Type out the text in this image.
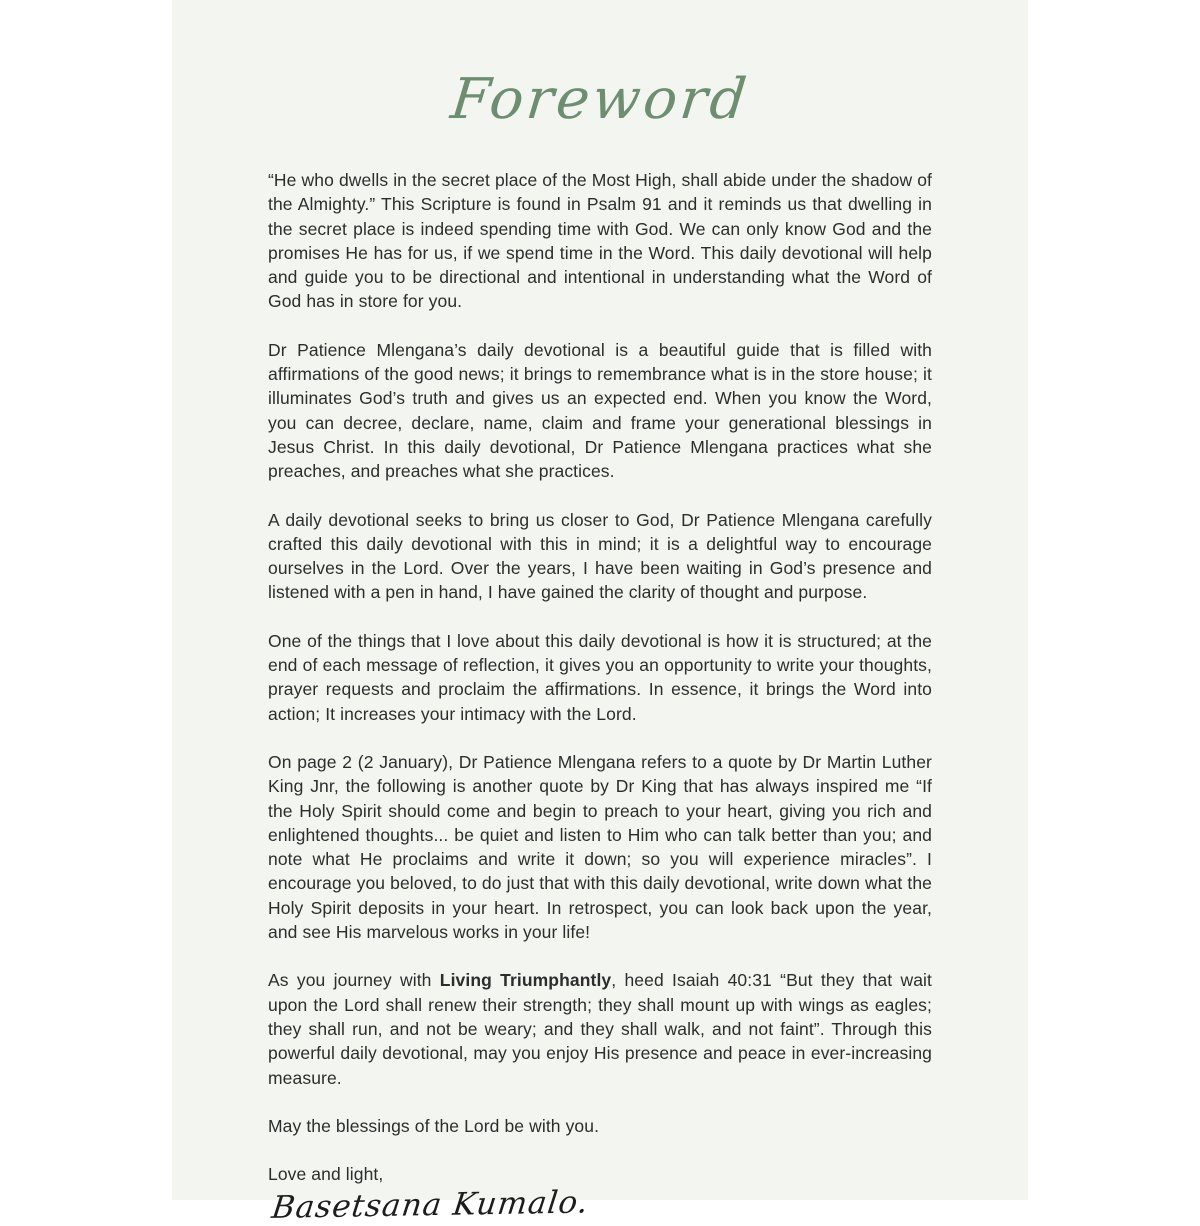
Foreword

“He who dwells in the secret place of the Most High, shall abide under the shadow of the Almighty.” This Scripture is found in Psalm 91 and it reminds us that dwelling in the secret place is indeed spending time with God. We can only know God and the promises He has for us, if we spend time in the Word. This daily devotional will help and guide you to be directional and intentional in understanding what the Word of God has in store for you.

Dr Patience Mlengana’s daily devotional is a beautiful guide that is filled with affirmations of the good news; it brings to remembrance what is in the store house; it illuminates God’s truth and gives us an expected end. When you know the Word, you can decree, declare, name, claim and frame your generational blessings in Jesus Christ. In this daily devotional, Dr Patience Mlengana practices what she preaches, and preaches what she practices.

A daily devotional seeks to bring us closer to God, Dr Patience Mlengana carefully crafted this daily devotional with this in mind; it is a delightful way to encourage ourselves in the Lord. Over the years, I have been waiting in God’s presence and listened with a pen in hand, I have gained the clarity of thought and purpose.

One of the things that I love about this daily devotional is how it is structured; at the end of each message of reflection, it gives you an opportunity to write your thoughts, prayer requests and proclaim the affirmations. In essence, it brings the Word into action; It increases your intimacy with the Lord.

On page 2 (2 January), Dr Patience Mlengana refers to a quote by Dr Martin Luther King Jnr, the following is another quote by Dr King that has always inspired me “If the Holy Spirit should come and begin to preach to your heart, giving you rich and enlightened thoughts... be quiet and listen to Him who can talk better than you; and note what He proclaims and write it down; so you will experience miracles”. I encourage you beloved, to do just that with this daily devotional, write down what the Holy Spirit deposits in your heart. In retrospect, you can look back upon the year, and see His marvelous works in your life!

As you journey with Living Triumphantly, heed Isaiah 40:31 “But they that wait upon the Lord shall renew their strength; they shall mount up with wings as eagles; they shall run, and not be weary; and they shall walk, and not faint”. Through this powerful daily devotional, may you enjoy His presence and peace in ever-increasing measure.

May the blessings of the Lord be with you.

Love and light,

Basetsana Kumalo.
